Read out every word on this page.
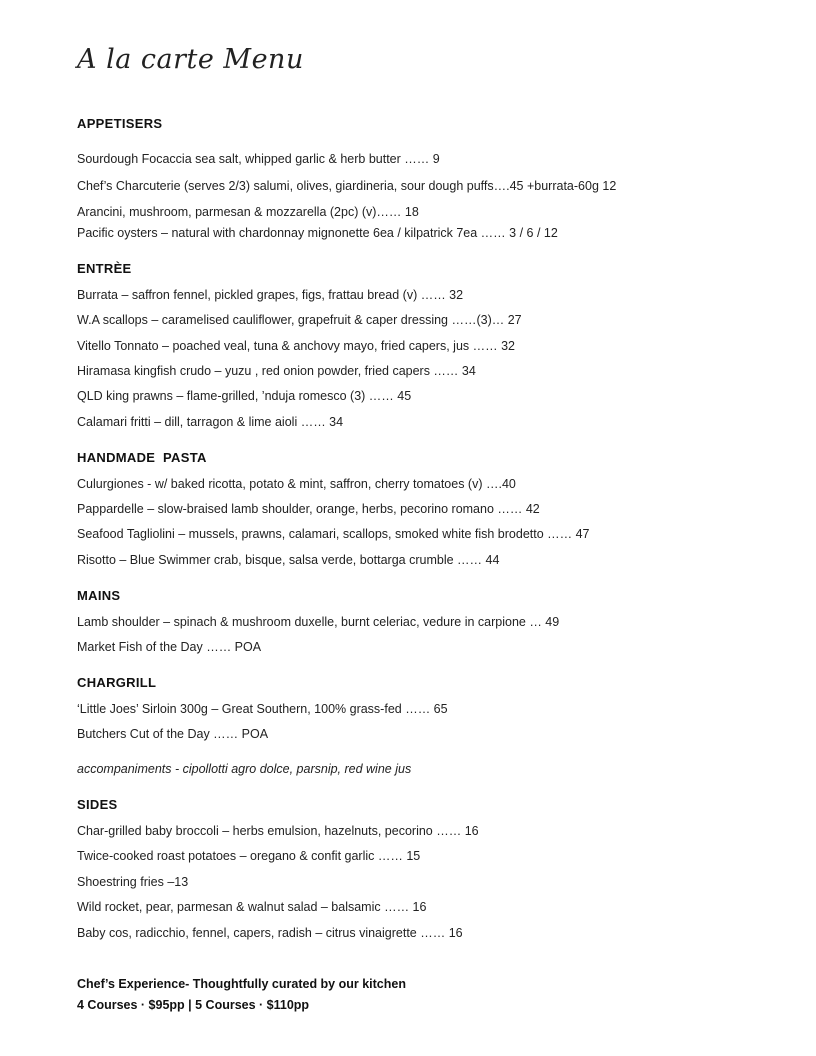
A la carte Menu
APPETISERS
Sourdough Focaccia sea salt, whipped garlic & herb butter …… 9
Chef’s Charcuterie (serves 2/3) salumi, olives, giardineria, sour dough puffs….45 +burrata-60g 12
Arancini, mushroom, parmesan & mozzarella (2pc) (v)…… 18
Pacific oysters – natural with chardonnay mignonette 6ea / kilpatrick 7ea …… 3 / 6 / 12
ENTRÈE
Burrata – saffron fennel, pickled grapes, figs, frattau bread (v) …… 32
W.A scallops – caramelised cauliflower, grapefruit & caper dressing ……(3)… 27
Vitello Tonnato – poached veal, tuna & anchovy mayo, fried capers, jus …… 32
Hiramasa kingfish crudo – yuzu , red onion powder, fried capers …… 34
QLD king prawns – flame-grilled, ’nduja romesco (3) …… 45
Calamari fritti – dill, tarragon & lime aioli …… 34
HANDMADE  PASTA
Culurgiones - w/ baked ricotta, potato & mint, saffron, cherry tomatoes (v) ….40
Pappardelle – slow-braised lamb shoulder, orange, herbs, pecorino romano …… 42
Seafood Tagliolini – mussels, prawns, calamari, scallops, smoked white fish brodetto …… 47
Risotto – Blue Swimmer crab, bisque, salsa verde, bottarga crumble …… 44
MAINS
Lamb shoulder – spinach & mushroom duxelle, burnt celeriac, vedure in carpione … 49
Market Fish of the Day …… POA
CHARGRILL
‘Little Joes’ Sirloin 300g – Great Southern, 100% grass-fed …… 65
Butchers Cut of the Day …… POA
accompaniments - cipollotti agro dolce, parsnip, red wine jus
SIDES
Char-grilled baby broccoli – herbs emulsion, hazelnuts, pecorino …… 16
Twice-cooked roast potatoes – oregano & confit garlic …… 15
Shoestring fries –13
Wild rocket, pear, parmesan & walnut salad – balsamic …… 16
Baby cos, radicchio, fennel, capers, radish – citrus vinaigrette …… 16
Chef’s Experience- Thoughtfully curated by our kitchen
4 Courses · $95pp | 5 Courses · $110pp
